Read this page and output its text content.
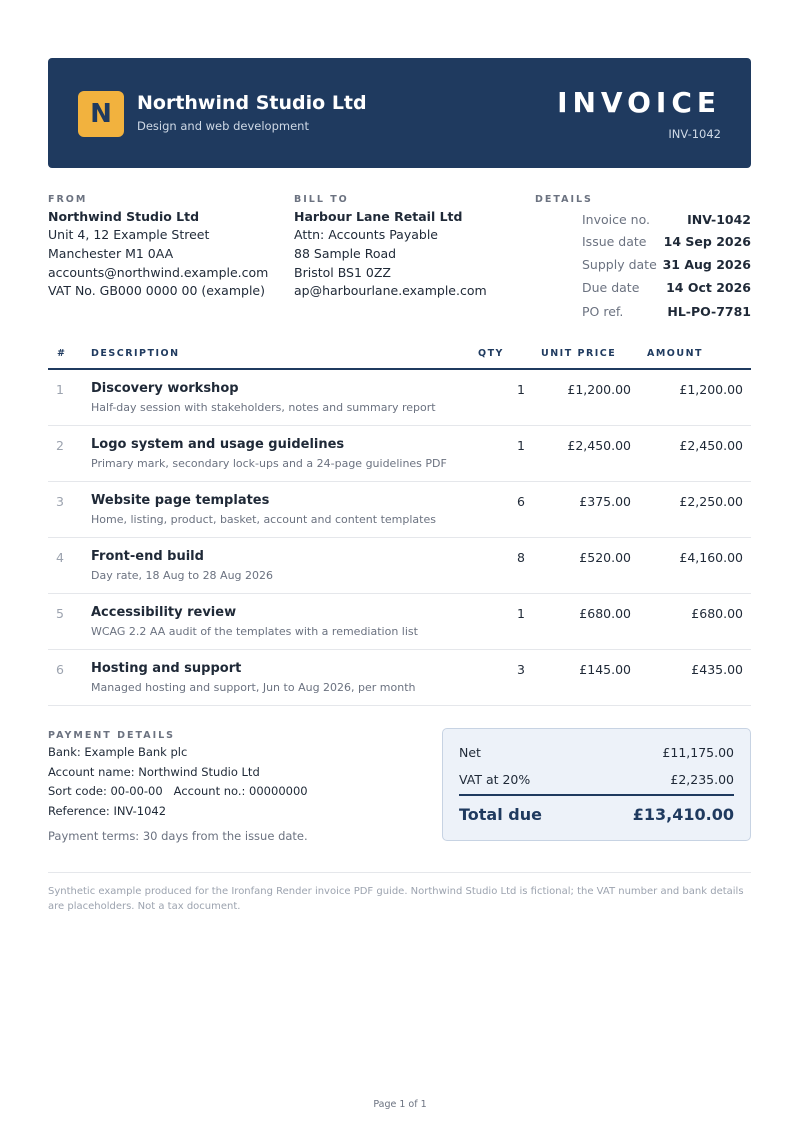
N	Northwind Studio Ltd
Design and web development
INVOICE
INV-1042
FROM
Northwind Studio Ltd
Unit 4, 12 Example Street
Manchester M1 0AA
accounts@northwind.example.com
VAT No. GB000 0000 00 (example)
BILL TO
Harbour Lane Retail Ltd
Attn: Accounts Payable
88 Sample Road
Bristol BS1 0ZZ
ap@harbourlane.example.com
DETAILS
Invoice no.	INV-1042
Issue date 14 Sep 2026
Supply date 31 Aug 2026
Due date 14 Oct 2026
PO ref.	HL-PO-7781
#	DESCRIPTION	QTY	UNIT PRICE	AMOUNT
1 Discovery workshop
Half-day session with stakeholders, notes and summary report
1	£1,200.00	£1,200.00
2 Logo system and usage guidelines
Primary mark, secondary lock-ups and a 24-page guidelines PDF
1	£2,450.00	£2,450.00
3 Website page templates
Home, listing, product, basket, account and content templates
6	£375.00	£2,250.00
4 Front-end build
Day rate, 18 Aug to 28 Aug 2026
8	£520.00	£4,160.00
5 Accessibility review
WCAG 2.2 AA audit of the templates with a remediation list
1	£680.00	£680.00
6 Hosting and support
Managed hosting and support, Jun to Aug 2026, per month
3	£145.00	£435.00
PAYMENT DETAILS
Bank: Example Bank plc
Account name: Northwind Studio Ltd
Sort code: 00-00-00   Account no.: 00000000
Reference: INV-1042
Payment terms: 30 days from the issue date.
Net	£11,175.00
VAT at 20%	£2,235.00
Total due	£13,410.00
Synthetic example produced for the Ironfang Render invoice PDF guide. Northwind Studio Ltd is fictional; the VAT number and bank details are placeholders. Not a tax document.
Page 1 of 1
